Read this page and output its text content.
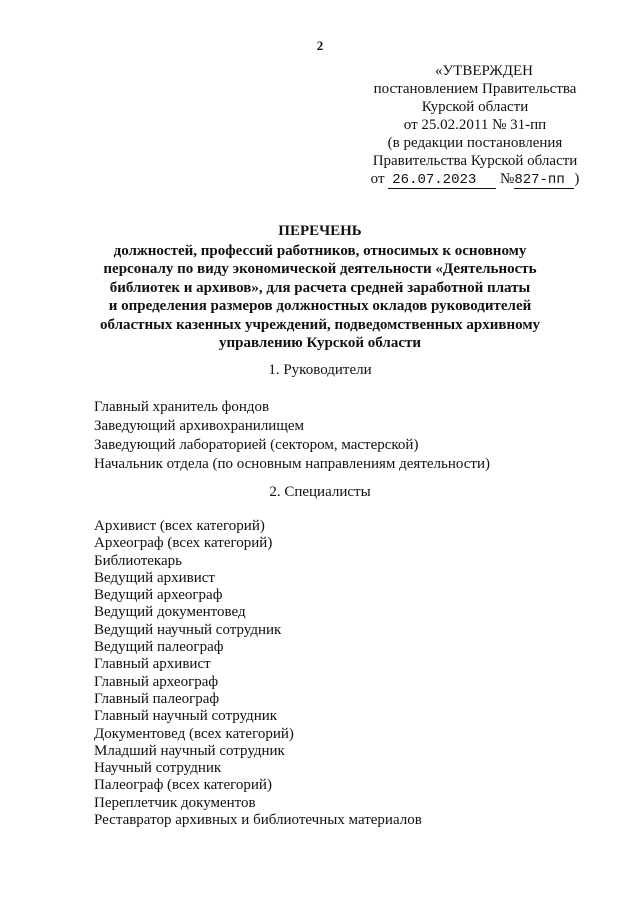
2
«УТВЕРЖДЕН
постановлением Правительства
Курской области
от 25.02.2011 № 31-пп
(в редакции постановления
Правительства Курской области
от 26.07.2023 №827-пп )
ПЕРЕЧЕНЬ
должностей, профессий работников, относимых к основному
персоналу по виду экономической деятельности «Деятельность
библиотек и архивов», для расчета средней заработной платы
и определения размеров должностных окладов руководителей
областных казенных учреждений, подведомственных архивному
управлению Курской области
1. Руководители
Главный хранитель фондов
Заведующий архивохранилищем
Заведующий лабораторией (сектором, мастерской)
Начальник отдела (по основным направлениям деятельности)
2. Специалисты
Архивист (всех категорий)
Археограф (всех категорий)
Библиотекарь
Ведущий архивист
Ведущий археограф
Ведущий документовед
Ведущий научный сотрудник
Ведущий палеограф
Главный архивист
Главный археограф
Главный палеограф
Главный научный сотрудник
Документовед (всех категорий)
Младший научный сотрудник
Научный сотрудник
Палеограф (всех категорий)
Переплетчик документов
Реставратор архивных и библиотечных материалов
